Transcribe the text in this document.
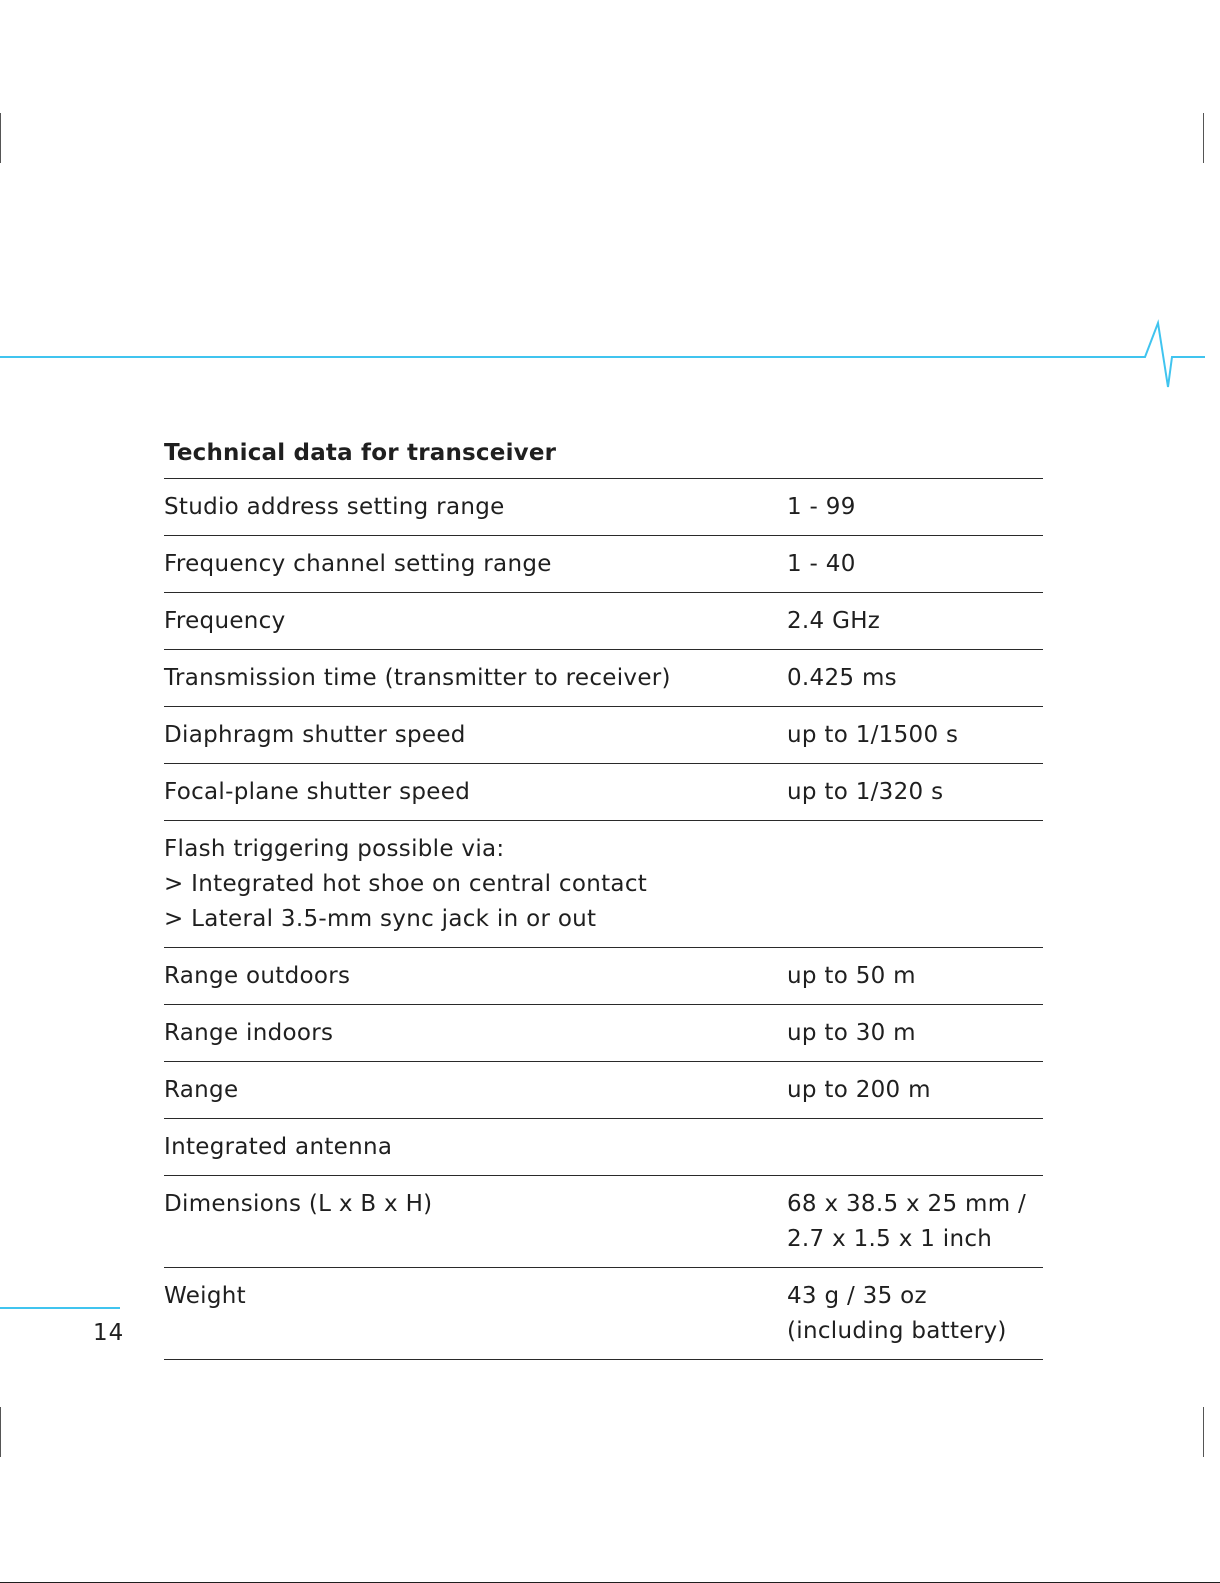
Technical data for transceiver
Studio address setting range	1 - 99
Frequency channel setting range	1 - 40
Frequency	2.4 GHz
Transmission time (transmitter to receiver)	0.425 ms
Diaphragm shutter speed	up to 1/1500 s
Focal-plane shutter speed	up to 1/320 s
Flash triggering possible via:
> Integrated hot shoe on central contact
> Lateral 3.5-mm sync jack in or out
Range outdoors	up to 50 m
Range indoors	up to 30 m
Range	up to 200 m
Integrated antenna
Dimensions (L x B x H)	68 x 38.5 x 25 mm /
2.7 x 1.5 x 1 inch
Weight	43 g / 35 oz
(including battery)
14
